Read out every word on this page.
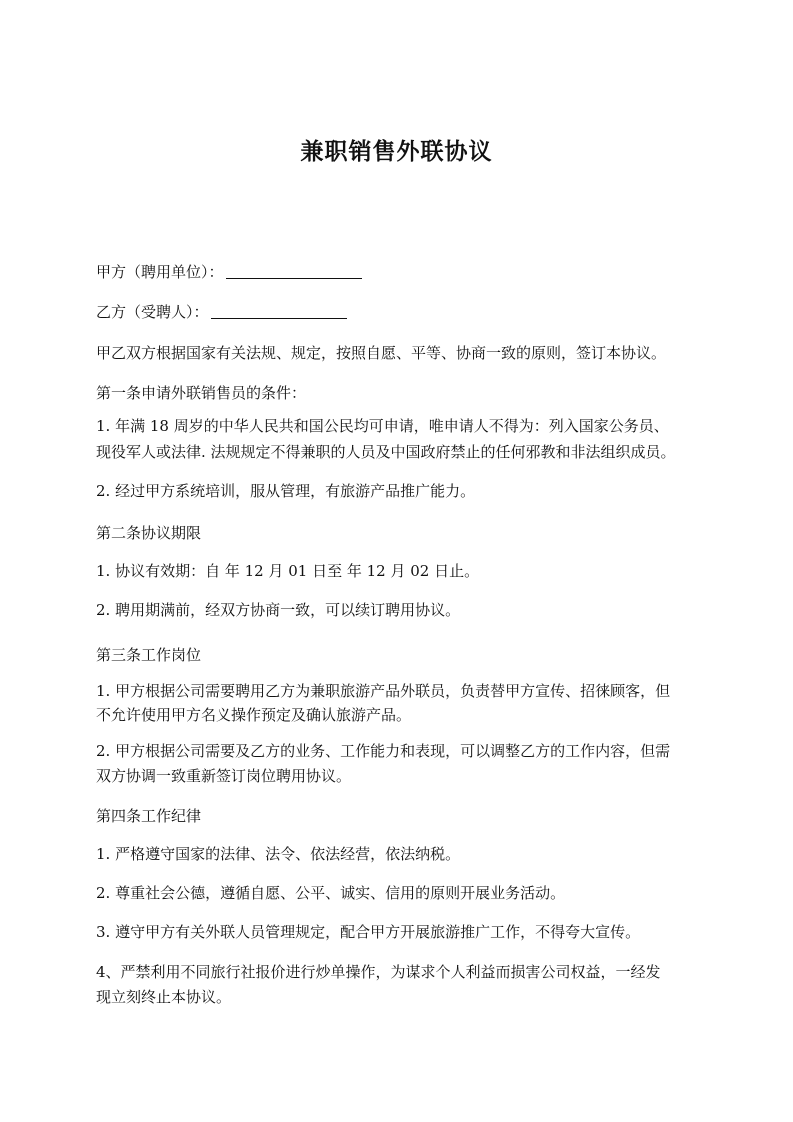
兼职销售外联协议

甲方（聘用单位）：

乙方（受聘人）：

甲乙双方根据国家有关法规、规定，按照自愿、平等、协商一致的原则，签订本协议。

第一条申请外联销售员的条件：

1. 年满 18 周岁的中华人民共和国公民均可申请，唯申请人不得为：列入国家公务员、

现役军人或法律. 法规规定不得兼职的人员及中国政府禁止的任何邪教和非法组织成员。

2. 经过甲方系统培训，服从管理，有旅游产品推广能力。

第二条协议期限

1. 协议有效期：自 年 12 月 01 日至 年 12 月 02 日止。

2. 聘用期满前，经双方协商一致，可以续订聘用协议。

第三条工作岗位

1. 甲方根据公司需要聘用乙方为兼职旅游产品外联员，负责替甲方宣传、招徕顾客，但

不允许使用甲方名义操作预定及确认旅游产品。

2. 甲方根据公司需要及乙方的业务、工作能力和表现，可以调整乙方的工作内容，但需

双方协调一致重新签订岗位聘用协议。

第四条工作纪律

1. 严格遵守国家的法律、法令、依法经营，依法纳税。

2. 尊重社会公德，遵循自愿、公平、诚实、信用的原则开展业务活动。

3. 遵守甲方有关外联人员管理规定，配合甲方开展旅游推广工作，不得夸大宣传。

4、严禁利用不同旅行社报价进行炒单操作，为谋求个人利益而损害公司权益，一经发

现立刻终止本协议。
